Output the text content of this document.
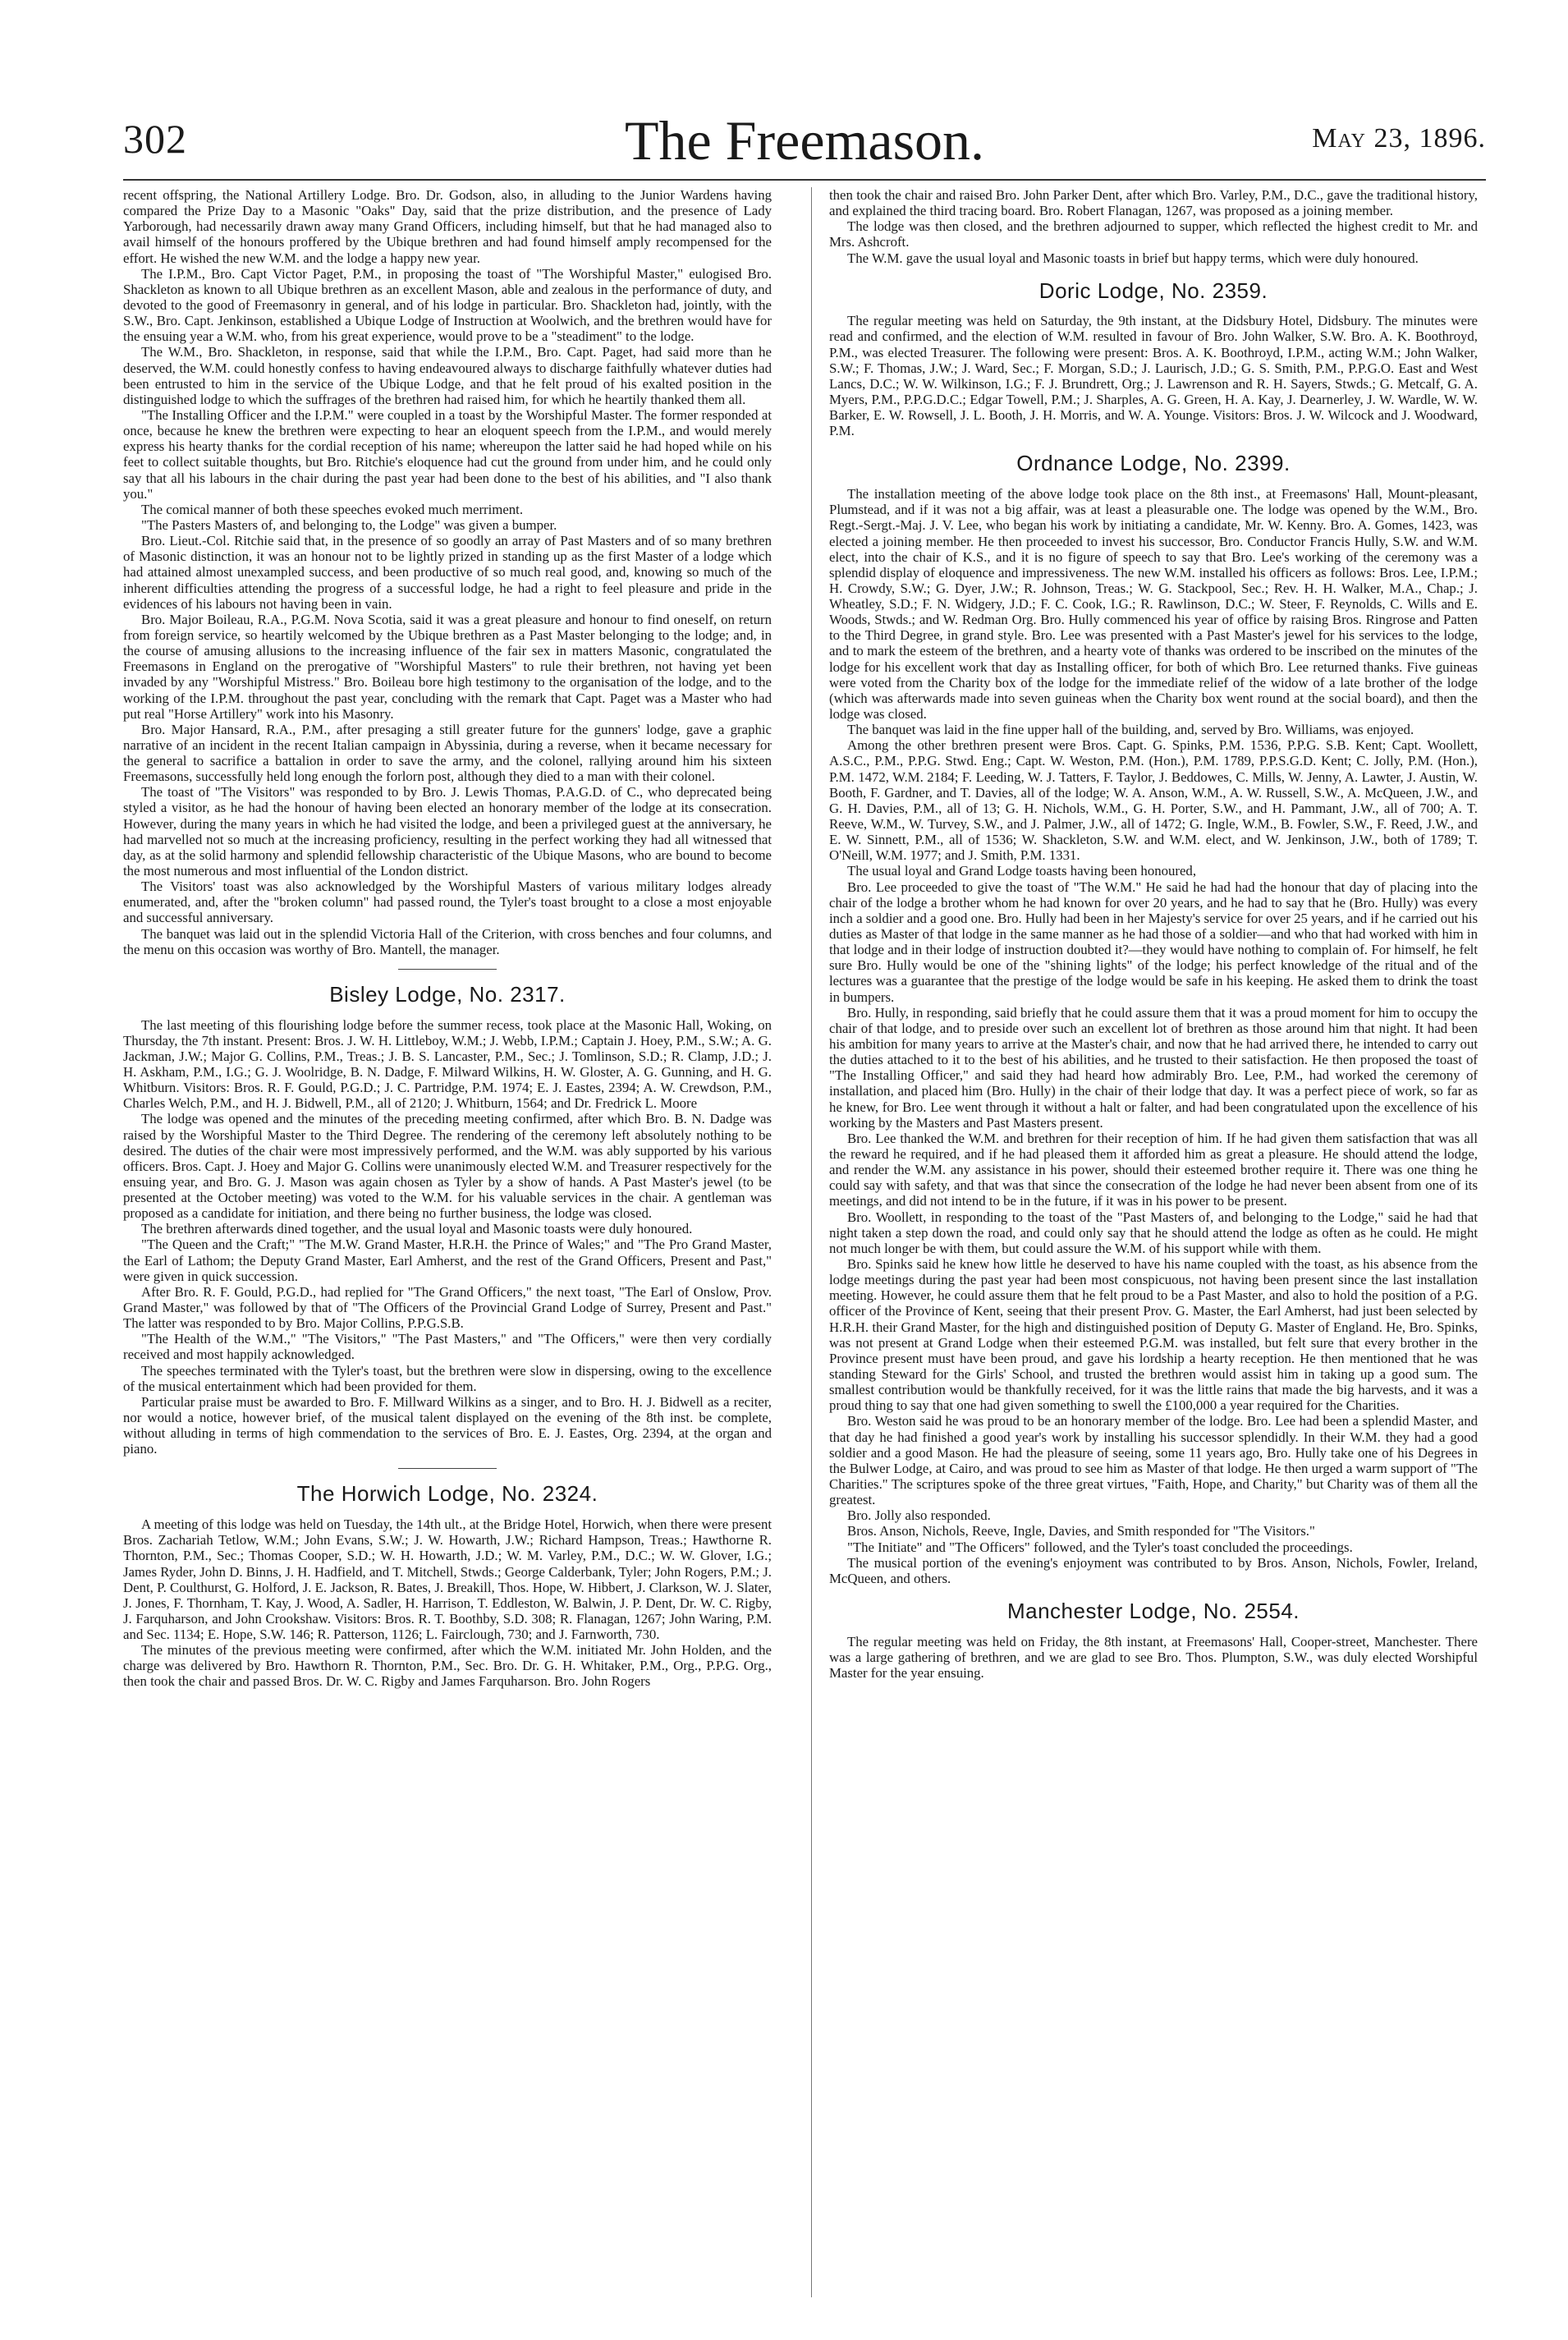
302	The Freemason.	May 23, 1896.

recent offspring, the National Artillery Lodge. Bro. Dr. Godson, also, in alluding to the Junior Wardens having compared the Prize Day to a Masonic "Oaks" Day, said that the prize distribution, and the presence of Lady Yarborough, had necessarily drawn away many Grand Officers, including himself, but that he had managed also to avail himself of the honours proffered by the Ubique brethren and had found himself amply recompensed for the effort. He wished the new W.M. and the lodge a happy new year.

The I.P.M., Bro. Capt Victor Paget, P.M., in proposing the toast of "The Worshipful Master," eulogised Bro. Shackleton as known to all Ubique brethren as an excellent Mason, able and zealous in the performance of duty, and devoted to the good of Freemasonry in general, and of his lodge in particular. Bro. Shackleton had, jointly, with the S.W., Bro. Capt. Jenkinson, established a Ubique Lodge of Instruction at Woolwich, and the brethren would have for the ensuing year a W.M. who, from his great experience, would prove to be a "steadiment" to the lodge.

The W.M., Bro. Shackleton, in response, said that while the I.P.M., Bro. Capt. Paget, had said more than he deserved, the W.M. could honestly confess to having endeavoured always to discharge faithfully whatever duties had been entrusted to him in the service of the Ubique Lodge, and that he felt proud of his exalted position in the distinguished lodge to which the suffrages of the brethren had raised him, for which he heartily thanked them all.

"The Installing Officer and the I.P.M." were coupled in a toast by the Worshipful Master. The former responded at once, because he knew the brethren were expecting to hear an eloquent speech from the I.P.M., and would merely express his hearty thanks for the cordial reception of his name; whereupon the latter said he had hoped while on his feet to collect suitable thoughts, but Bro. Ritchie's eloquence had cut the ground from under him, and he could only say that all his labours in the chair during the past year had been done to the best of his abilities, and "I also thank you."

The comical manner of both these speeches evoked much merriment.

"The Pasters Masters of, and belonging to, the Lodge" was given a bumper.

Bro. Lieut.-Col. Ritchie said that, in the presence of so goodly an array of Past Masters and of so many brethren of Masonic distinction, it was an honour not to be lightly prized in standing up as the first Master of a lodge which had attained almost unexampled success, and been productive of so much real good, and, knowing so much of the inherent difficulties attending the progress of a successful lodge, he had a right to feel pleasure and pride in the evidences of his labours not having been in vain.

Bro. Major Boileau, R.A., P.G.M. Nova Scotia, said it was a great pleasure and honour to find oneself, on return from foreign service, so heartily welcomed by the Ubique brethren as a Past Master belonging to the lodge; and, in the course of amusing allusions to the increasing influence of the fair sex in matters Masonic, congratulated the Freemasons in England on the prerogative of "Worshipful Masters" to rule their brethren, not having yet been invaded by any "Worshipful Mistress." Bro. Boileau bore high testimony to the organisation of the lodge, and to the working of the I.P.M. throughout the past year, concluding with the remark that Capt. Paget was a Master who had put real "Horse Artillery" work into his Masonry.

Bro. Major Hansard, R.A., P.M., after presaging a still greater future for the gunners' lodge, gave a graphic narrative of an incident in the recent Italian campaign in Abyssinia, during a reverse, when it became necessary for the general to sacrifice a battalion in order to save the army, and the colonel, rallying around him his sixteen Freemasons, successfully held long enough the forlorn post, although they died to a man with their colonel.

The toast of "The Visitors" was responded to by Bro. J. Lewis Thomas, P.A.G.D. of C., who deprecated being styled a visitor, as he had the honour of having been elected an honorary member of the lodge at its consecration. However, during the many years in which he had visited the lodge, and been a privileged guest at the anniversary, he had marvelled not so much at the increasing proficiency, resulting in the perfect working they had all witnessed that day, as at the solid harmony and splendid fellowship characteristic of the Ubique Masons, who are bound to become the most numerous and most influential of the London district.

The Visitors' toast was also acknowledged by the Worshipful Masters of various military lodges already enumerated, and, after the "broken column" had passed round, the Tyler's toast brought to a close a most enjoyable and successful anniversary.

The banquet was laid out in the splendid Victoria Hall of the Criterion, with cross benches and four columns, and the menu on this occasion was worthy of Bro. Mantell, the manager.

Bisley Lodge, No. 2317.

The last meeting of this flourishing lodge before the summer recess, took place at the Masonic Hall, Woking, on Thursday, the 7th instant. Present: Bros. J. W. H. Littleboy, W.M.; J. Webb, I.P.M.; Captain J. Hoey, P.M., S.W.; A. G. Jackman, J.W.; Major G. Collins, P.M., Treas.; J. B. S. Lancaster, P.M., Sec.; J. Tomlinson, S.D.; R. Clamp, J.D.; J. H. Askham, P.M., I.G.; G. J. Woolridge, B. N. Dadge, F. Milward Wilkins, H. W. Gloster, A. G. Gunning, and H. G. Whitburn. Visitors: Bros. R. F. Gould, P.G.D.; J. C. Partridge, P.M. 1974; E. J. Eastes, 2394; A. W. Crewdson, P.M., Charles Welch, P.M., and H. J. Bidwell, P.M., all of 2120; J. Whitburn, 1564; and Dr. Fredrick L. Moore

The lodge was opened and the minutes of the preceding meeting confirmed, after which Bro. B. N. Dadge was raised by the Worshipful Master to the Third Degree. The rendering of the ceremony left absolutely nothing to be desired. The duties of the chair were most impressively performed, and the W.M. was ably supported by his various officers. Bros. Capt. J. Hoey and Major G. Collins were unanimously elected W.M. and Treasurer respectively for the ensuing year, and Bro. G. J. Mason was again chosen as Tyler by a show of hands. A Past Master's jewel (to be presented at the October meeting) was voted to the W.M. for his valuable services in the chair. A gentleman was proposed as a candidate for initiation, and there being no further business, the lodge was closed.

The brethren afterwards dined together, and the usual loyal and Masonic toasts were duly honoured.

"The Queen and the Craft;" "The M.W. Grand Master, H.R.H. the Prince of Wales;" and "The Pro Grand Master, the Earl of Lathom; the Deputy Grand Master, Earl Amherst, and the rest of the Grand Officers, Present and Past," were given in quick succession.

After Bro. R. F. Gould, P.G.D., had replied for "The Grand Officers," the next toast, "The Earl of Onslow, Prov. Grand Master," was followed by that of "The Officers of the Provincial Grand Lodge of Surrey, Present and Past." The latter was responded to by Bro. Major Collins, P.P.G.S.B.

"The Health of the W.M.," "The Visitors," "The Past Masters," and "The Officers," were then very cordially received and most happily acknowledged.

The speeches terminated with the Tyler's toast, but the brethren were slow in dispersing, owing to the excellence of the musical entertainment which had been provided for them.

Particular praise must be awarded to Bro. F. Millward Wilkins as a singer, and to Bro. H. J. Bidwell as a reciter, nor would a notice, however brief, of the musical talent displayed on the evening of the 8th inst. be complete, without alluding in terms of high commendation to the services of Bro. E. J. Eastes, Org. 2394, at the organ and piano.

The Horwich Lodge, No. 2324.

A meeting of this lodge was held on Tuesday, the 14th ult., at the Bridge Hotel, Horwich, when there were present Bros. Zachariah Tetlow, W.M.; John Evans, S.W.; J. W. Howarth, J.W.; Richard Hampson, Treas.; Hawthorne R. Thornton, P.M., Sec.; Thomas Cooper, S.D.; W. H. Howarth, J.D.; W. M. Varley, P.M., D.C.; W. W. Glover, I.G.; James Ryder, John D. Binns, J. H. Hadfield, and T. Mitchell, Stwds.; George Calderbank, Tyler; John Rogers, P.M.; J. Dent, P. Coulthurst, G. Holford, J. E. Jackson, R. Bates, J. Breakill, Thos. Hope, W. Hibbert, J. Clarkson, W. J. Slater, J. Jones, F. Thornham, T. Kay, J. Wood, A. Sadler, H. Harrison, T. Eddleston, W. Balwin, J. P. Dent, Dr. W. C. Rigby, J. Farquharson, and John Crookshaw. Visitors: Bros. R. T. Boothby, S.D. 308; R. Flanagan, 1267; John Waring, P.M. and Sec. 1134; E. Hope, S.W. 146; R. Patterson, 1126; L. Fairclough, 730; and J. Farnworth, 730.

The minutes of the previous meeting were confirmed, after which the W.M. initiated Mr. John Holden, and the charge was delivered by Bro. Hawthorn R. Thornton, P.M., Sec. Bro. Dr. G. H. Whitaker, P.M., Org., P.P.G. Org., then took the chair and passed Bros. Dr. W. C. Rigby and James Farquharson. Bro. John Rogers

then took the chair and raised Bro. John Parker Dent, after which Bro. Varley, P.M., D.C., gave the traditional history, and explained the third tracing board. Bro. Robert Flanagan, 1267, was proposed as a joining member.

The lodge was then closed, and the brethren adjourned to supper, which reflected the highest credit to Mr. and Mrs. Ashcroft.

The W.M. gave the usual loyal and Masonic toasts in brief but happy terms, which were duly honoured.

Doric Lodge, No. 2359.

The regular meeting was held on Saturday, the 9th instant, at the Didsbury Hotel, Didsbury. The minutes were read and confirmed, and the election of W.M. resulted in favour of Bro. John Walker, S.W. Bro. A. K. Boothroyd, P.M., was elected Treasurer. The following were present: Bros. A. K. Boothroyd, I.P.M., acting W.M.; John Walker, S.W.; F. Thomas, J.W.; J. Ward, Sec.; F. Morgan, S.D.; J. Laurisch, J.D.; G. S. Smith, P.M., P.P.G.O. East and West Lancs, D.C.; W. W. Wilkinson, I.G.; F. J. Brundrett, Org.; J. Lawrenson and R. H. Sayers, Stwds.; G. Metcalf, G. A. Myers, P.M., P.P.G.D.C.; Edgar Towell, P.M.; J. Sharples, A. G. Green, H. A. Kay, J. Dearnerley, J. W. Wardle, W. W. Barker, E. W. Rowsell, J. L. Booth, J. H. Morris, and W. A. Younge. Visitors: Bros. J. W. Wilcock and J. Woodward, P.M.

Ordnance Lodge, No. 2399.

The installation meeting of the above lodge took place on the 8th inst., at Freemasons' Hall, Mount-pleasant, Plumstead, and if it was not a big affair, was at least a pleasurable one. The lodge was opened by the W.M., Bro. Regt.-Sergt.-Maj. J. V. Lee, who began his work by initiating a candidate, Mr. W. Kenny. Bro. A. Gomes, 1423, was elected a joining member. He then proceeded to invest his successor, Bro. Conductor Francis Hully, S.W. and W.M. elect, into the chair of K.S., and it is no figure of speech to say that Bro. Lee's working of the ceremony was a splendid display of eloquence and impressiveness. The new W.M. installed his officers as follows: Bros. Lee, I.P.M.; H. Crowdy, S.W.; G. Dyer, J.W.; R. Johnson, Treas.; W. G. Stackpool, Sec.; Rev. H. H. Walker, M.A., Chap.; J. Wheatley, S.D.; F. N. Widgery, J.D.; F. C. Cook, I.G.; R. Rawlinson, D.C.; W. Steer, F. Reynolds, C. Wills and E. Woods, Stwds.; and W. Redman Org. Bro. Hully commenced his year of office by raising Bros. Ringrose and Patten to the Third Degree, in grand style. Bro. Lee was presented with a Past Master's jewel for his services to the lodge, and to mark the esteem of the brethren, and a hearty vote of thanks was ordered to be inscribed on the minutes of the lodge for his excellent work that day as Installing officer, for both of which Bro. Lee returned thanks. Five guineas were voted from the Charity box of the lodge for the immediate relief of the widow of a late brother of the lodge (which was afterwards made into seven guineas when the Charity box went round at the social board), and then the lodge was closed.

The banquet was laid in the fine upper hall of the building, and, served by Bro. Williams, was enjoyed.

Among the other brethren present were Bros. Capt. G. Spinks, P.M. 1536, P.P.G. S.B. Kent; Capt. Woollett, A.S.C., P.M., P.P.G. Stwd. Eng.; Capt. W. Weston, P.M. (Hon.), P.M. 1789, P.P.S.G.D. Kent; C. Jolly, P.M. (Hon.), P.M. 1472, W.M. 2184; F. Leeding, W. J. Tatters, F. Taylor, J. Beddowes, C. Mills, W. Jenny, A. Lawter, J. Austin, W. Booth, F. Gardner, and T. Davies, all of the lodge; W. A. Anson, W.M., A. W. Russell, S.W., A. McQueen, J.W., and G. H. Davies, P.M., all of 13; G. H. Nichols, W.M., G. H. Porter, S.W., and H. Pammant, J.W., all of 700; A. T. Reeve, W.M., W. Turvey, S.W., and J. Palmer, J.W., all of 1472; G. Ingle, W.M., B. Fowler, S.W., F. Reed, J.W., and E. W. Sinnett, P.M., all of 1536; W. Shackleton, S.W. and W.M. elect, and W. Jenkinson, J.W., both of 1789; T. O'Neill, W.M. 1977; and J. Smith, P.M. 1331.

The usual loyal and Grand Lodge toasts having been honoured,

Bro. Lee proceeded to give the toast of "The W.M." He said he had had the honour that day of placing into the chair of the lodge a brother whom he had known for over 20 years, and he had to say that he (Bro. Hully) was every inch a soldier and a good one. Bro. Hully had been in her Majesty's service for over 25 years, and if he carried out his duties as Master of that lodge in the same manner as he had those of a soldier—and who that had worked with him in that lodge and in their lodge of instruction doubted it?—they would have nothing to complain of. For himself, he felt sure Bro. Hully would be one of the "shining lights" of the lodge; his perfect knowledge of the ritual and of the lectures was a guarantee that the prestige of the lodge would be safe in his keeping. He asked them to drink the toast in bumpers.

Bro. Hully, in responding, said briefly that he could assure them that it was a proud moment for him to occupy the chair of that lodge, and to preside over such an excellent lot of brethren as those around him that night. It had been his ambition for many years to arrive at the Master's chair, and now that he had arrived there, he intended to carry out the duties attached to it to the best of his abilities, and he trusted to their satisfaction. He then proposed the toast of "The Installing Officer," and said they had heard how admirably Bro. Lee, P.M., had worked the ceremony of installation, and placed him (Bro. Hully) in the chair of their lodge that day. It was a perfect piece of work, so far as he knew, for Bro. Lee went through it without a halt or falter, and had been congratulated upon the excellence of his working by the Masters and Past Masters present.

Bro. Lee thanked the W.M. and brethren for their reception of him. If he had given them satisfaction that was all the reward he required, and if he had pleased them it afforded him as great a pleasure. He should attend the lodge, and render the W.M. any assistance in his power, should their esteemed brother require it. There was one thing he could say with safety, and that was that since the consecration of the lodge he had never been absent from one of its meetings, and did not intend to be in the future, if it was in his power to be present.

Bro. Woollett, in responding to the toast of the "Past Masters of, and belonging to the Lodge," said he had that night taken a step down the road, and could only say that he should attend the lodge as often as he could. He might not much longer be with them, but could assure the W.M. of his support while with them.

Bro. Spinks said he knew how little he deserved to have his name coupled with the toast, as his absence from the lodge meetings during the past year had been most conspicuous, not having been present since the last installation meeting. However, he could assure them that he felt proud to be a Past Master, and also to hold the position of a P.G. officer of the Province of Kent, seeing that their present Prov. G. Master, the Earl Amherst, had just been selected by H.R.H. their Grand Master, for the high and distinguished position of Deputy G. Master of England. He, Bro. Spinks, was not present at Grand Lodge when their esteemed P.G.M. was installed, but felt sure that every brother in the Province present must have been proud, and gave his lordship a hearty reception. He then mentioned that he was standing Steward for the Girls' School, and trusted the brethren would assist him in taking up a good sum. The smallest contribution would be thankfully received, for it was the little rains that made the big harvests, and it was a proud thing to say that one had given something to swell the £100,000 a year required for the Charities.

Bro. Weston said he was proud to be an honorary member of the lodge. Bro. Lee had been a splendid Master, and that day he had finished a good year's work by installing his successor splendidly. In their W.M. they had a good soldier and a good Mason. He had the pleasure of seeing, some 11 years ago, Bro. Hully take one of his Degrees in the Bulwer Lodge, at Cairo, and was proud to see him as Master of that lodge. He then urged a warm support of "The Charities." The scriptures spoke of the three great virtues, "Faith, Hope, and Charity," but Charity was of them all the greatest.

Bro. Jolly also responded.

Bros. Anson, Nichols, Reeve, Ingle, Davies, and Smith responded for "The Visitors."

"The Initiate" and "The Officers" followed, and the Tyler's toast concluded the proceedings.

The musical portion of the evening's enjoyment was contributed to by Bros. Anson, Nichols, Fowler, Ireland, McQueen, and others.

Manchester Lodge, No. 2554.

The regular meeting was held on Friday, the 8th instant, at Freemasons' Hall, Cooper-street, Manchester. There was a large gathering of brethren, and we are glad to see Bro. Thos. Plumpton, S.W., was duly elected Worshipful Master for the year ensuing.
